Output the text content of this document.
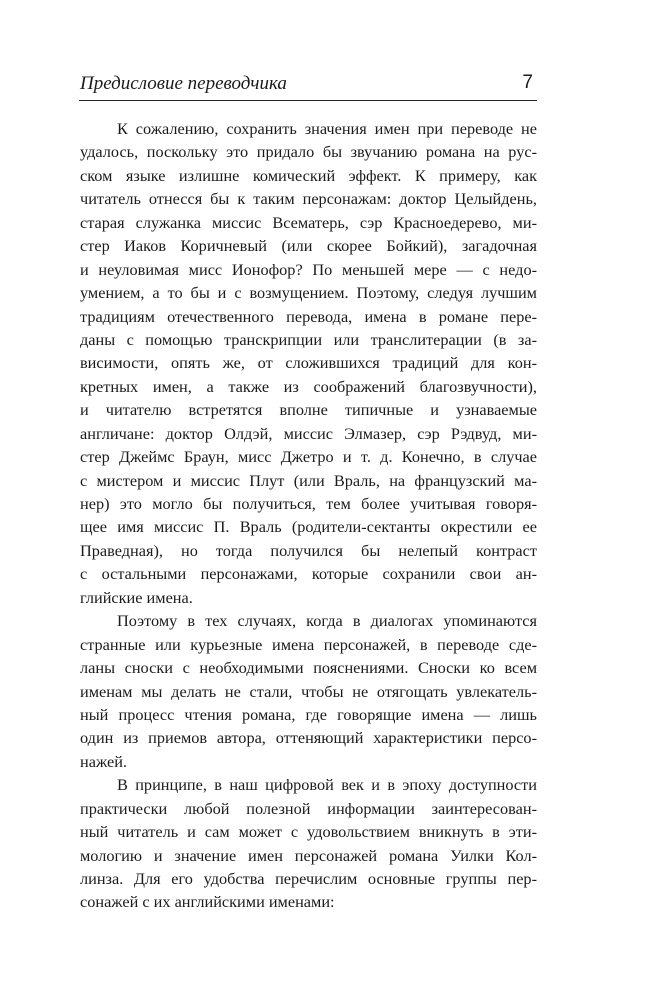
Предисловие переводчика	7
К сожалению, сохранить значения имен при переводе не
удалось, поскольку это придало бы звучанию романа на рус-
ском языке излишне комический эффект. К примеру, как
читатель отнесся бы к таким персонажам: доктор Целыйдень,
старая служанка миссис Всематерь, сэр Красноедерево, ми-
стер Иаков Коричневый (или скорее Бойкий), загадочная
и неуловимая мисс Ионофор? По меньшей мере — с недо-
умением, а то бы и с возмущением. Поэтому, следуя лучшим
традициям отечественного перевода, имена в романе пере-
даны с помощью транскрипции или транслитерации (в за-
висимости, опять же, от сложившихся традиций для кон-
кретных имен, а также из соображений благозвучности),
и читателю встретятся вполне типичные и узнаваемые
англичане: доктор Олдэй, миссис Элмазер, сэр Рэдвуд, ми-
стер Джеймс Браун, мисс Джетро и т. д. Конечно, в случае
с мистером и миссис Плут (или Враль, на французский ма-
нер) это могло бы получиться, тем более учитывая говоря-
щее имя миссис П. Враль (родители-сектанты окрестили ее
Праведная), но тогда получился бы нелепый контраст
с остальными персонажами, которые сохранили свои ан-
глийские имена.
Поэтому в тех случаях, когда в диалогах упоминаются
странные или курьезные имена персонажей, в переводе сде-
ланы сноски с необходимыми пояснениями. Сноски ко всем
именам мы делать не стали, чтобы не отягощать увлекатель-
ный процесс чтения романа, где говорящие имена — лишь
один из приемов автора, оттеняющий характеристики персо-
нажей.
В принципе, в наш цифровой век и в эпоху доступности
практически любой полезной информации заинтересован-
ный читатель и сам может с удовольствием вникнуть в эти-
мологию и значение имен персонажей романа Уилки Кол-
линза. Для его удобства перечислим основные группы пер-
сонажей с их английскими именами:
